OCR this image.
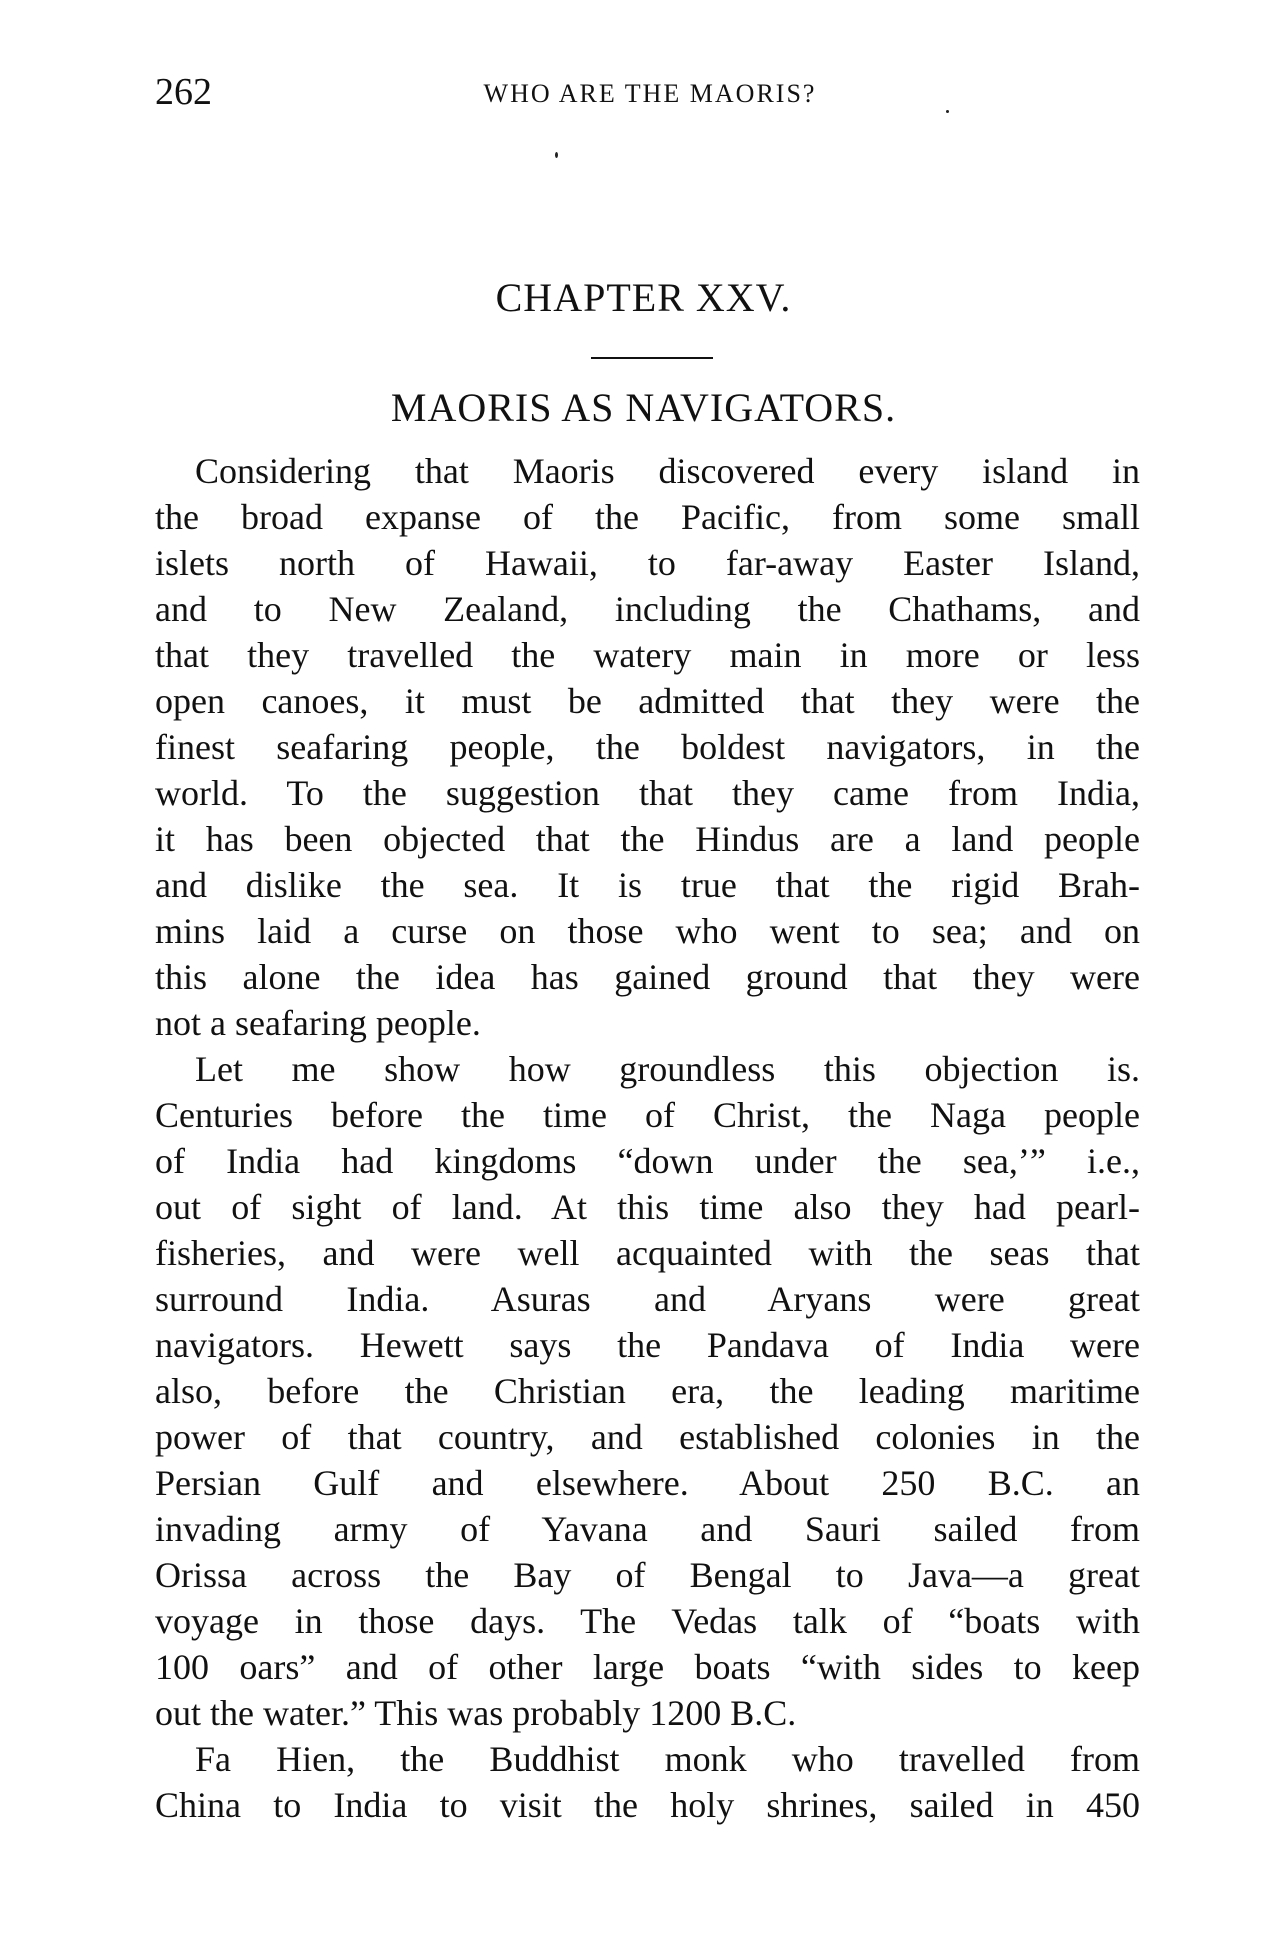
262	WHO ARE THE MAORIS?
CHAPTER XXV.
MAORIS AS NAVIGATORS.
Considering that Maoris discovered every island in
the broad expanse of the Pacific, from some small
islets north of Hawaii, to far-away Easter Island,
and to New Zealand, including the Chathams, and
that they travelled the watery main in more or less
open canoes, it must be admitted that they were the
finest seafaring people, the boldest navigators, in the
world. To the suggestion that they came from India,
it has been objected that the Hindus are a land people
and dislike the sea. It is true that the rigid Brah-
mins laid a curse on those who went to sea; and on
this alone the idea has gained ground that they were
not a seafaring people.
Let me show how groundless this objection is.
Centuries before the time of Christ, the Naga people
of India had kingdoms “down under the sea,’” i.e.,
out of sight of land. At this time also they had pearl-
fisheries, and were well acquainted with the seas that
surround India. Asuras and Aryans were great
navigators. Hewett says the Pandava of India were
also, before the Christian era, the leading maritime
power of that country, and established colonies in the
Persian Gulf and elsewhere. About 250 B.C. an
invading army of Yavana and Sauri sailed from
Orissa across the Bay of Bengal to Java—a great
voyage in those days. The Vedas talk of “boats with
100 oars” and of other large boats “with sides to keep
out the water.” This was probably 1200 B.C.
Fa Hien, the Buddhist monk who travelled from
China to India to visit the holy shrines, sailed in 450
